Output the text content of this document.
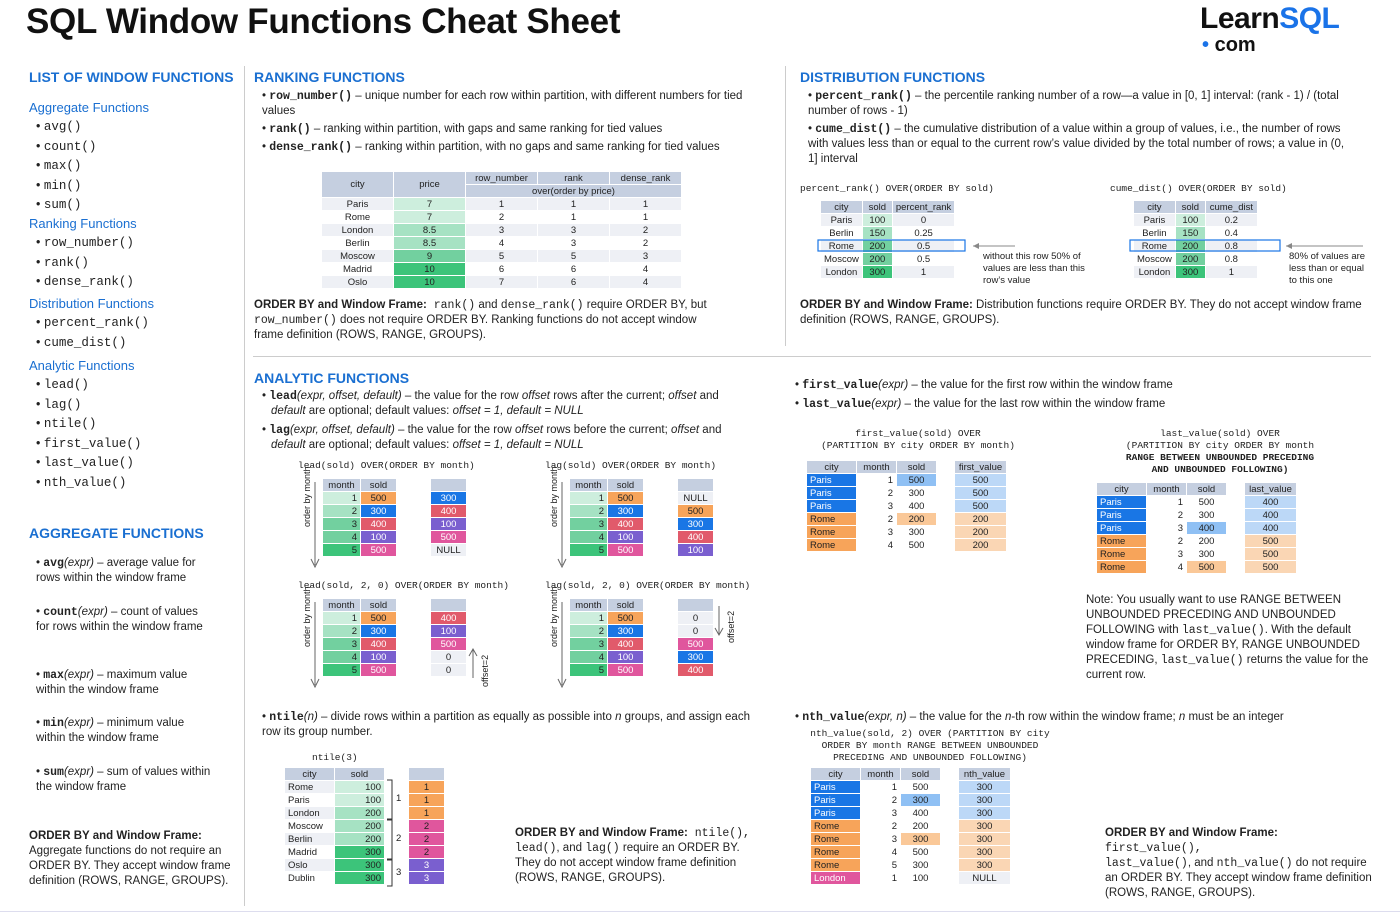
SQL Window Functions Cheat Sheet	LearnSQL
• com
LIST OF WINDOW FUNCTIONS
Aggregate Functions
• avg()
• count()
• max()
• min()
• sum()
Ranking Functions
• row_number()
• rank()
• dense_rank()
Distribution Functions
• percent_rank()
• cume_dist()
Analytic Functions
• lead()
• lag()
• ntile()
• first_value()
• last_value()
• nth_value()
AGGREGATE FUNCTIONS
• avg(expr) – average value for rows within the window frame
• count(expr) – count of values for rows within the window frame
• max(expr) – maximum value within the window frame
• min(expr) – minimum value within the window frame
• sum(expr) – sum of values within the window frame
ORDER BY and Window Frame:
Aggregate functions do not require an ORDER BY. They accept window frame definition (ROWS, RANGE, GROUPS).
RANKING FUNCTIONS
• row_number() – unique number for each row within partition, with different numbers for tied values
• rank() – ranking within partition, with gaps and same ranking for tied values
• dense_rank() – ranking within partition, with no gaps and same ranking for tied values
city	price	row_number	rank	dense_rank
		over(order by price)		
Paris	7	1	1	1
Rome	7	2	1	1
London	8.5	3	3	2
Berlin	8.5	4	3	2
Moscow	9	5	5	3
Madrid	10	6	6	4
Oslo	10	7	6	4
ORDER BY and Window Frame: rank() and dense_rank() require ORDER BY, but row_number() does not require ORDER BY. Ranking functions do not accept window frame definition (ROWS, RANGE, GROUPS).
DISTRIBUTION FUNCTIONS
• percent_rank() – the percentile ranking number of a row—a value in [0, 1] interval: (rank - 1) / (total number of rows - 1)
• cume_dist() – the cumulative distribution of a value within a group of values, i.e., the number of rows with values less than or equal to the current row’s value divided by the total number of rows; a value in (0, 1] interval
percent_rank() OVER(ORDER BY sold)
city	sold	percent_rank
Paris	100	0
Berlin	150	0.25
Rome	200	0.5
Moscow	200	0.5
London	300	1
without this row 50% of values are less than this row’s value
cume_dist() OVER(ORDER BY sold)
city	sold	cume_dist
Paris	100	0.2
Berlin	150	0.4
Rome	200	0.8
Moscow	200	0.8
London	300	1
80% of values are less than or equal to this one
ORDER BY and Window Frame: Distribution functions require ORDER BY. They do not accept window frame definition (ROWS, RANGE, GROUPS).
ANALYTIC FUNCTIONS
• lead(expr, offset, default) – the value for the row offset rows after the current; offset and
default are optional; default values: offset = 1, default = NULL
• lag(expr, offset, default) – the value for the row offset rows before the current; offset and
default are optional; default values: offset = 1, default = NULL
lead(sold) OVER(ORDER BY month)
order by month month	sold		
1	500		300
2	300		400
3	400		100
4	100		500
5	500		NULL
lag(sold) OVER(ORDER BY month)
order by month month	sold		
1	500		NULL
2	300		500
3	400		300
4	100		400
5	500		100
lead(sold, 2, 0) OVER(ORDER BY month)
order by month month	sold		
1	500		400
2	300		100
3	400		500
4	100		0
5	500		0
lag(sold, 2, 0) OVER(ORDER BY month)
order by month month	sold		
1	500		0
2	300		0
3	400		500
4	100		300
5	500		400
offset=2
offset=2
• ntile(n) – divide rows within a partition as equally as possible into n groups, and assign each row its group number.
ntile(3)
city	sold		
Rome	100		1
Paris	100		1
London	200		1
Moscow	200		2
Berlin	200		2
Madrid	300		2
Oslo	300		3
Dublin	300		3
1
2
3
ORDER BY and Window Frame: ntile(),
lead(), and lag() require an ORDER BY. They do not accept window frame definition (ROWS, RANGE, GROUPS).
• first_value(expr) – the value for the first row within the window frame
• last_value(expr) – the value for the last row within the window frame
first_value(sold) OVER
(PARTITION BY city ORDER BY month)
city	month	sold		first_value
Paris	1	500		500
Paris	2	300		500
Paris	3	400		500
Rome	2	200		200
Rome	3	300		200
Rome	4	500		200
last_value(sold) OVER
(PARTITION BY city ORDER BY month
RANGE BETWEEN UNBOUNDED PRECEDING
AND UNBOUNDED FOLLOWING)
city	month	sold		last_value
Paris	1	500		400
Paris	2	300		400
Paris	3	400		400
Rome	2	200		500
Rome	3	300		500
Rome	4	500		500
Note: You usually want to use RANGE BETWEEN UNBOUNDED PRECEDING AND UNBOUNDED FOLLOWING with last_value(). With the default window frame for ORDER BY, RANGE UNBOUNDED PRECEDING, last_value() returns the value for the current row.
• nth_value(expr, n) – the value for the n-th row within the window frame; n must be an integer
nth_value(sold, 2) OVER (PARTITION BY city
ORDER BY month RANGE BETWEEN UNBOUNDED
PRECEDING AND UNBOUNDED FOLLOWING)
city	month	sold		nth_value
Paris	1	500		300
Paris	2	300		300
Paris	3	400		300
Rome	2	200		300
Rome	3	300		300
Rome	4	500		300
Rome	5	300		300
London	1	100		NULL
ORDER BY and Window Frame: first_value(),
last_value(), and nth_value() do not require an ORDER BY. They accept window frame definition (ROWS, RANGE, GROUPS).
